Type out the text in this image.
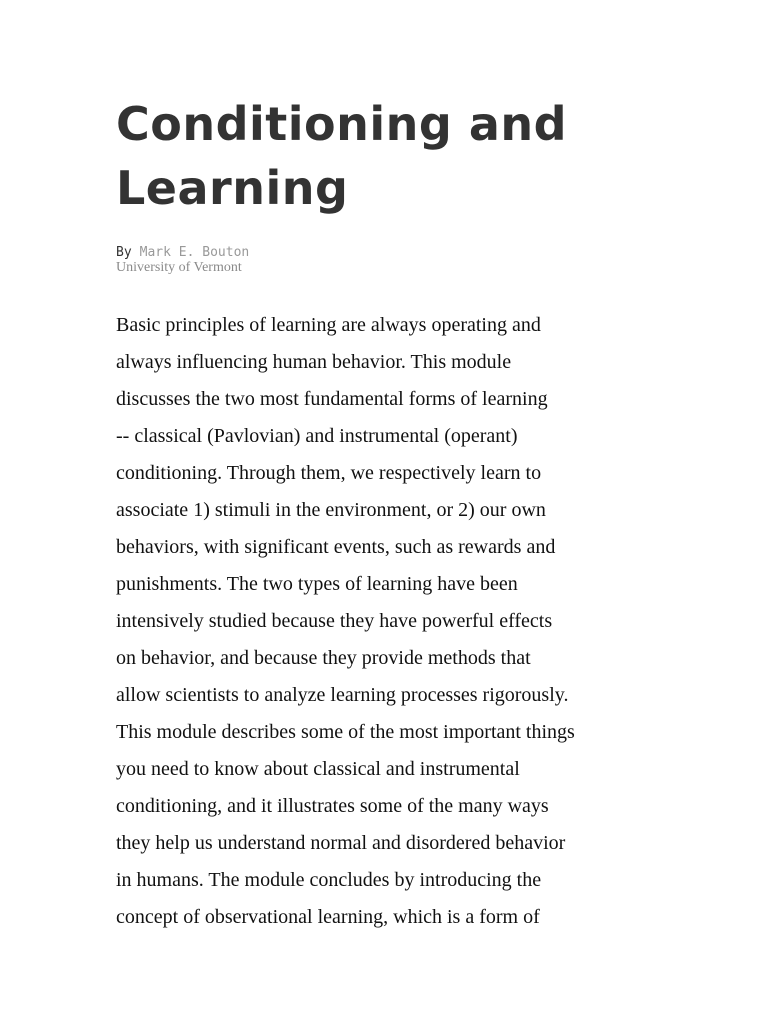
Conditioning and
Learning
By Mark E. Bouton
University of Vermont
Basic principles of learning are always operating and
always influencing human behavior. This module
discusses the two most fundamental forms of learning
-- classical (Pavlovian) and instrumental (operant)
conditioning. Through them, we respectively learn to
associate 1) stimuli in the environment, or 2) our own
behaviors, with significant events, such as rewards and
punishments. The two types of learning have been
intensively studied because they have powerful effects
on behavior, and because they provide methods that
allow scientists to analyze learning processes rigorously.
This module describes some of the most important things
you need to know about classical and instrumental
conditioning, and it illustrates some of the many ways
they help us understand normal and disordered behavior
in humans. The module concludes by introducing the
concept of observational learning, which is a form of
